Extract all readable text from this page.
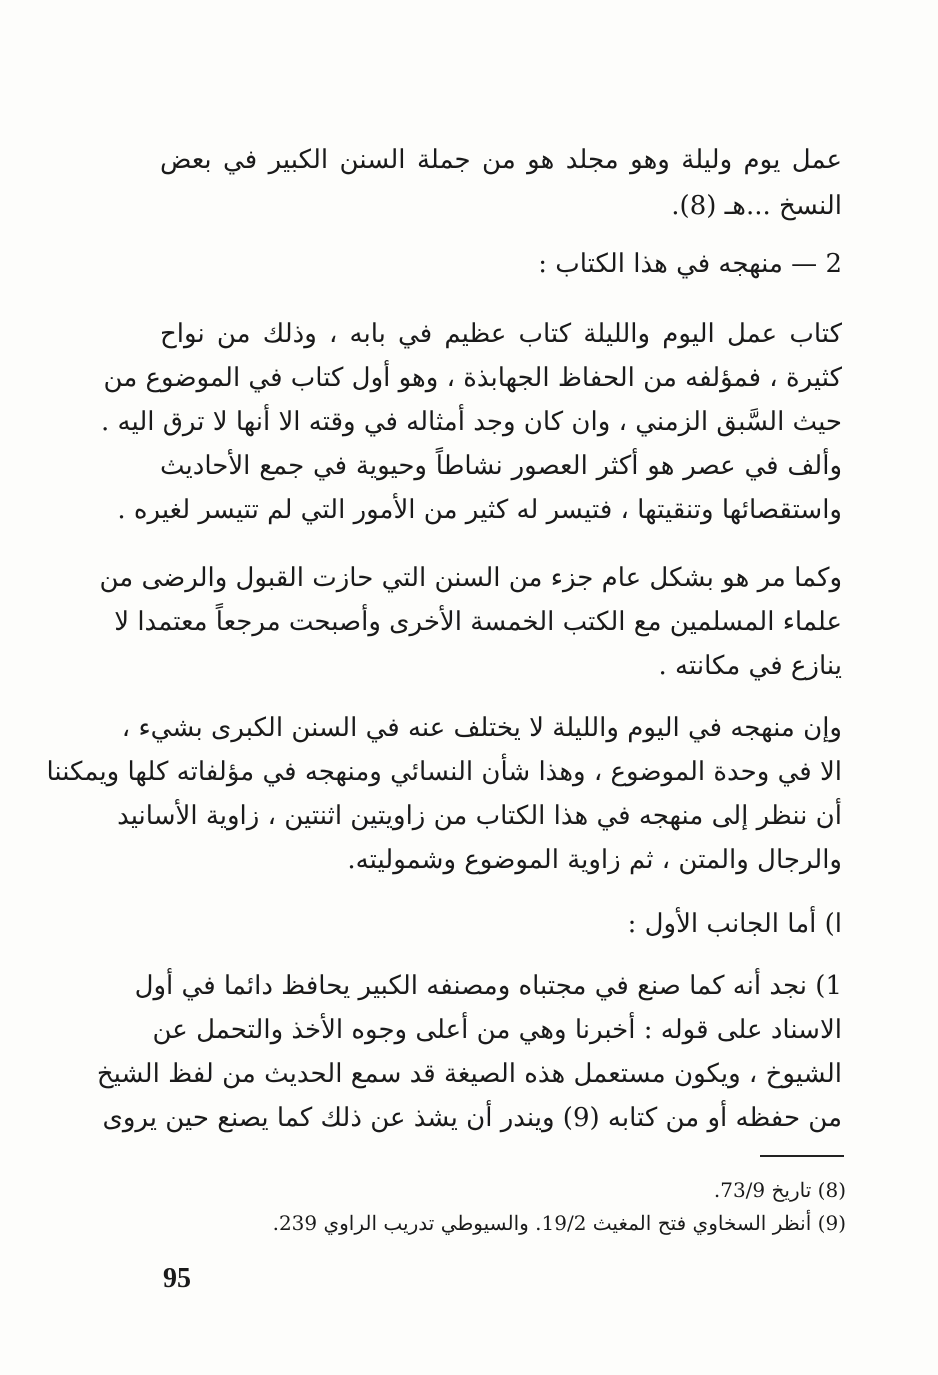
عمل يوم وليلة وهو مجلد هو من جملة السنن الكبير في بعض
النسخ ...هـ (8).
2 — منهجه في هذا الكتاب :
كتاب عمل اليوم والليلة كتاب عظيم في بابه ، وذلك من نواح
كثيرة ، فمؤلفه من الحفاظ الجهابذة ، وهو أول كتاب في الموضوع من
حيث السَّبق الزمني ، وان كان وجد أمثاله في وقته الا أنها لا ترق اليه .
وألف في عصر هو أكثر العصور نشاطاً وحيوية في جمع الأحاديث
واستقصائها وتنقيتها ، فتيسر له كثير من الأمور التي لم تتيسر لغيره .
وكما مر هو بشكل عام جزء من السنن التي حازت القبول والرضى من
علماء المسلمين مع الكتب الخمسة الأخرى وأصبحت مرجعاً معتمدا لا
ينازع في مكانته .
وإن منهجه في اليوم والليلة لا يختلف عنه في السنن الكبرى بشيء ،
الا في وحدة الموضوع ، وهذا شأن النسائي ومنهجه في مؤلفاته كلها ويمكننا
أن ننظر إلى منهجه في هذا الكتاب من زاويتين اثنتين ، زاوية الأسانيد
والرجال والمتن ، ثم زاوية الموضوع وشموليته.
ا) أما الجانب الأول :
1) نجد أنه كما صنع في مجتباه ومصنفه الكبير يحافظ دائما في أول
الاسناد على قوله : أخبرنا وهي من أعلى وجوه الأخذ والتحمل عن
الشيوخ ، ويكون مستعمل هذه الصيغة قد سمع الحديث من لفظ الشيخ
من حفظه أو من كتابه (9) ويندر أن يشذ عن ذلك كما يصنع حين يروى
(8) تاريخ 73/9.
(9) أنظر السخاوي فتح المغيث 19/2. والسيوطي تدريب الراوي 239.
95
